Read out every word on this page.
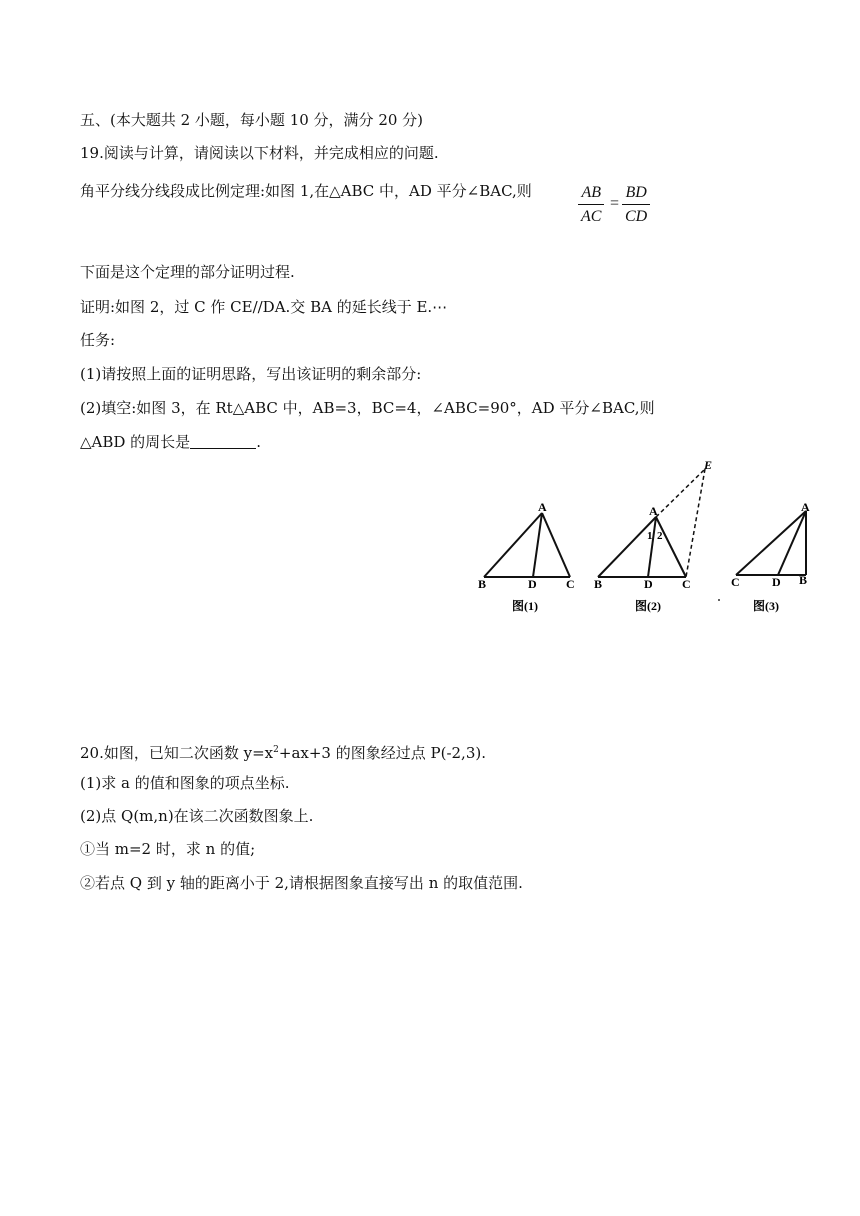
五、(本大题共 2 小题，每小题 10 分，满分 20 分)
19.阅读与计算，请阅读以下材料，并完成相应的问题.
角平分线分线段成比例定理:如图 1,在△ABC 中，AD 平分∠BAC,则	$\frac{AB}{AC} = \frac{BD}{CD}$
下面是这个定理的部分证明过程.
证明:如图 2，过 C 作 CE//DA.交 BA 的延长线于 E.⋯
任务:
(1)请按照上面的证明思路，写出该证明的剩余部分:
(2)填空:如图 3，在 Rt△ABC 中，AB=3，BC=4，∠ABC=90°，AD 平分∠BAC,则
△ABD 的周长是	.
A
B	D C
图(1)
A
E
1 2
B	D C
图(2)
A
C	D B
图(3)
20.如图，已知二次函数 $y=x^2+ax+3$ 的图象经过点 P(-2,3).
(1)求 a 的值和图象的项点坐标.
(2)点 Q(m,n)在该二次函数图象上.
①当 m=2 时，求 n 的值;
②若点 Q 到 y 轴的距离小于 2,请根据图象直接写出 n 的取值范围.
